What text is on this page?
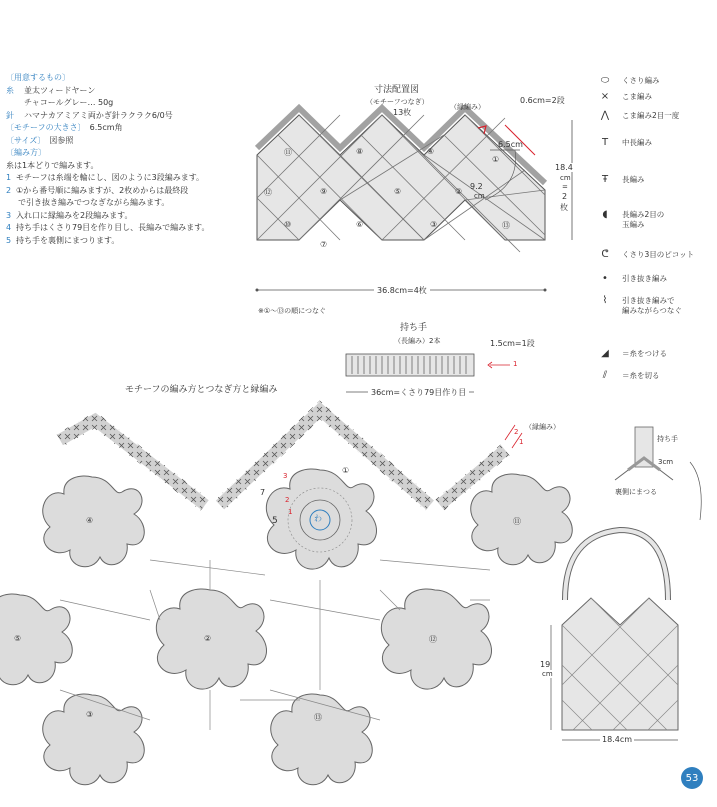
〔用意するもの〕
糸	並太ツィードヤーン
チャコールグレー… 50g
針	ハマナカアミアミ両かぎ針ラクラク6/0号
〔モチーフの大きさ〕 6.5cm角
〔サイズ〕 図参照
〔編み方〕
糸は1本どりで編みます。
1 モチーフは糸端を輪にし、図のように3段編みます。
2 ①から番号順に編みますが、2枚めからは最終段
で引き抜き編みでつなぎながら編みます。
3 入れ口に縁編みを2段編みます。
4 持ち手はくさり79目を作り目し、長編みで編みます。
5 持ち手を裏側にまつります。
寸法配置図
（モチーフつなぎ）
13枚
（縁編み）
0.6cm=2段
6.5cm
9.2
cm
18.4
cm
=
2
枚
36.8cm=4枚
※①〜⑬の順につなぐ
⑪	⑧	④
①
⑫	⑨	⑤	②
⑩	⑥	③	⑬
⑦
持ち手
（長編み）2本	1.5cm=1段
1
36cm=くさり79目作り目
モチーフの編み方とつなぎ方と縁編み
（縁編み）
2
1
わ
3
7
2
5
1
④
①
⑪
⑤	②	⑫
③	⑬
⬭	くさり編み
×	こま編み
⋀	こま編み2目一度
T	中長編み
Ŧ	長編み
◖	長編み2目の
玉編み
ᕦ	くさり3目のピコット
•	引き抜き編み
⌇	引き抜き編みで
編みながらつなぐ
◢	＝糸をつける
⫽	＝糸を切る
持ち手
3cm
裏側にまつる
19
cm
18.4cm
53
